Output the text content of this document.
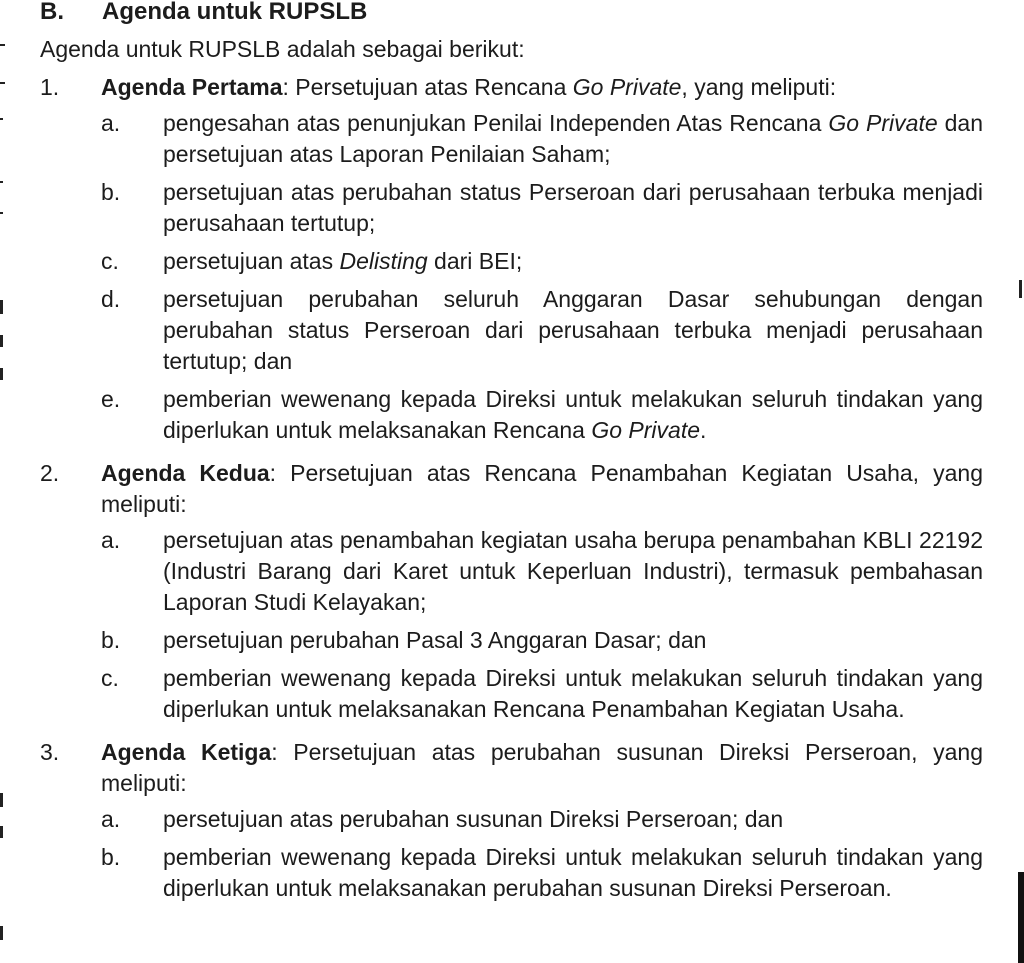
B.	Agenda untuk RUPSLB
Agenda untuk RUPSLB adalah sebagai berikut:
1.	Agenda Pertama: Persetujuan atas Rencana Go Private, yang meliputi:
a.	pengesahan atas penunjukan Penilai Independen Atas Rencana Go Private dan persetujuan atas Laporan Penilaian Saham;
b.	persetujuan atas perubahan status Perseroan dari perusahaan terbuka menjadi perusahaan tertutup;
c.	persetujuan atas Delisting dari BEI;
d.	persetujuan perubahan seluruh Anggaran Dasar sehubungan dengan perubahan status Perseroan dari perusahaan terbuka menjadi perusahaan tertutup; dan
e.	pemberian wewenang kepada Direksi untuk melakukan seluruh tindakan yang diperlukan untuk melaksanakan Rencana Go Private.
2.	Agenda Kedua: Persetujuan atas Rencana Penambahan Kegiatan Usaha, yang meliputi:
a.	persetujuan atas penambahan kegiatan usaha berupa penambahan KBLI 22192 (Industri Barang dari Karet untuk Keperluan Industri), termasuk pembahasan Laporan Studi Kelayakan;
b.	persetujuan perubahan Pasal 3 Anggaran Dasar; dan
c.	pemberian wewenang kepada Direksi untuk melakukan seluruh tindakan yang diperlukan untuk melaksanakan Rencana Penambahan Kegiatan Usaha.
3.	Agenda Ketiga: Persetujuan atas perubahan susunan Direksi Perseroan, yang meliputi:
a.	persetujuan atas perubahan susunan Direksi Perseroan; dan
b.	pemberian wewenang kepada Direksi untuk melakukan seluruh tindakan yang diperlukan untuk melaksanakan perubahan susunan Direksi Perseroan.
